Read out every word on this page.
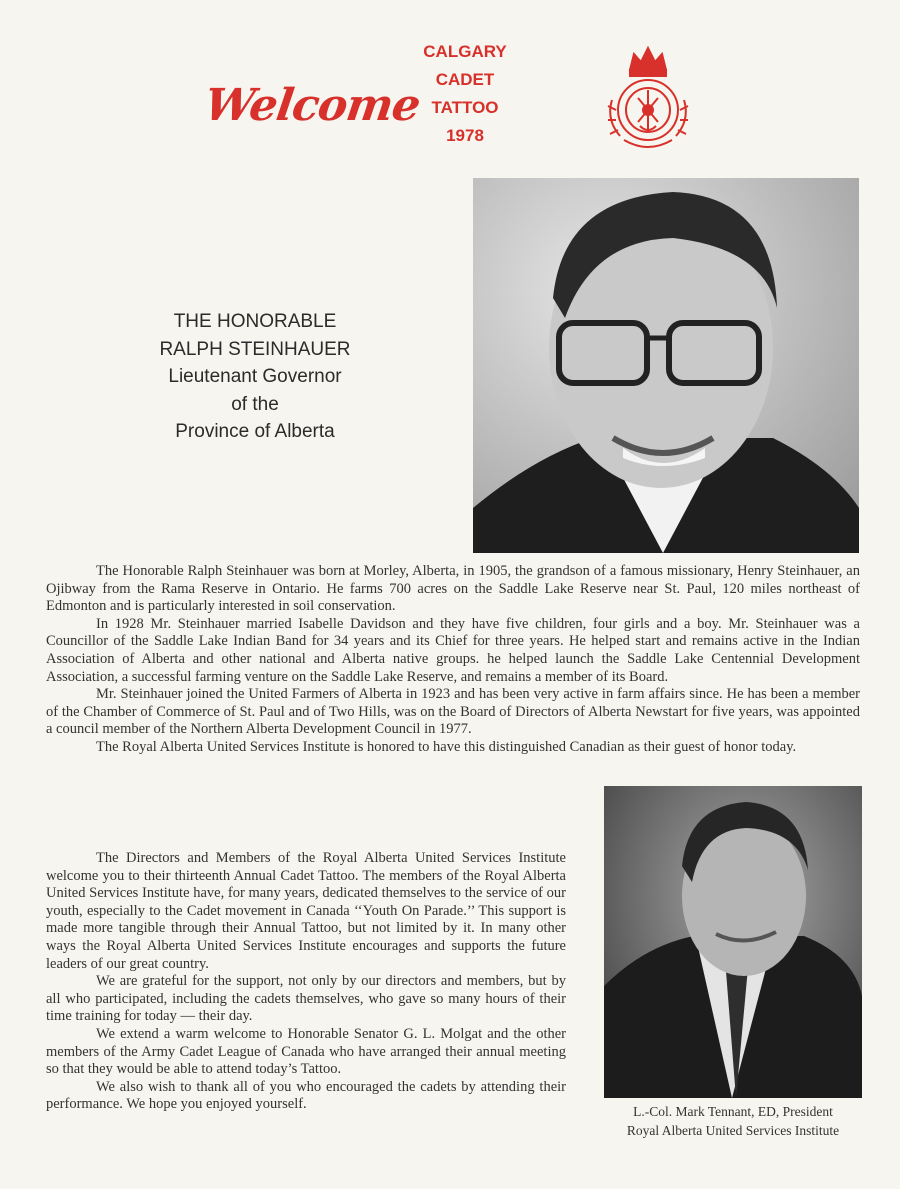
Welcome
CALGARY
CADET
TATTOO
1978
THE HONORABLE
RALPH STEINHAUER
Lieutenant Governor
of the
Province of Alberta

The Honorable Ralph Steinhauer was born at Morley, Alberta, in 1905, the grandson of a famous missionary, Henry Steinhauer, an Ojibway from the Rama Reserve in Ontario. He farms 700 acres on the Saddle Lake Reserve near St. Paul, 120 miles northeast of Edmonton and is particularly interested in soil conservation.

In 1928 Mr. Steinhauer married Isabelle Davidson and they have five children, four girls and a boy. Mr. Steinhauer was a Councillor of the Saddle Lake Indian Band for 34 years and its Chief for three years. He helped start and remains active in the Indian Association of Alberta and other national and Alberta native groups. he helped launch the Saddle Lake Centennial Development Association, a successful farming venture on the Saddle Lake Reserve, and remains a member of its Board.

Mr. Steinhauer joined the United Farmers of Alberta in 1923 and has been very active in farm affairs since. He has been a member of the Chamber of Commerce of St. Paul and of Two Hills, was on the Board of Directors of Alberta Newstart for five years, was appointed a council member of the Northern Alberta Development Council in 1977.

The Royal Alberta United Services Institute is honored to have this distinguished Canadian as their guest of honor today.

The Directors and Members of the Royal Alberta United Services Institute welcome you to their thirteenth Annual Cadet Tattoo. The members of the Royal Alberta United Services Institute have, for many years, dedicated themselves to the service of our youth, especially to the Cadet movement in Canada ‘‘Youth On Parade.’’ This support is made more tangible through their Annual Tattoo, but not limited by it. In many other ways the Royal Alberta United Services Institute encourages and supports the future leaders of our great country.

We are grateful for the support, not only by our directors and members, but by all who participated, including the cadets themselves, who gave so many hours of their time training for today — their day.

We extend a warm welcome to Honorable Senator G. L. Molgat and the other members of the Army Cadet League of Canada who have arranged their annual meeting so that they would be able to attend today’s Tattoo.

We also wish to thank all of you who encouraged the cadets by attending their performance. We hope you enjoyed yourself.	L.-Col. Mark Tennant, ED, President
Royal Alberta United Services Institute
